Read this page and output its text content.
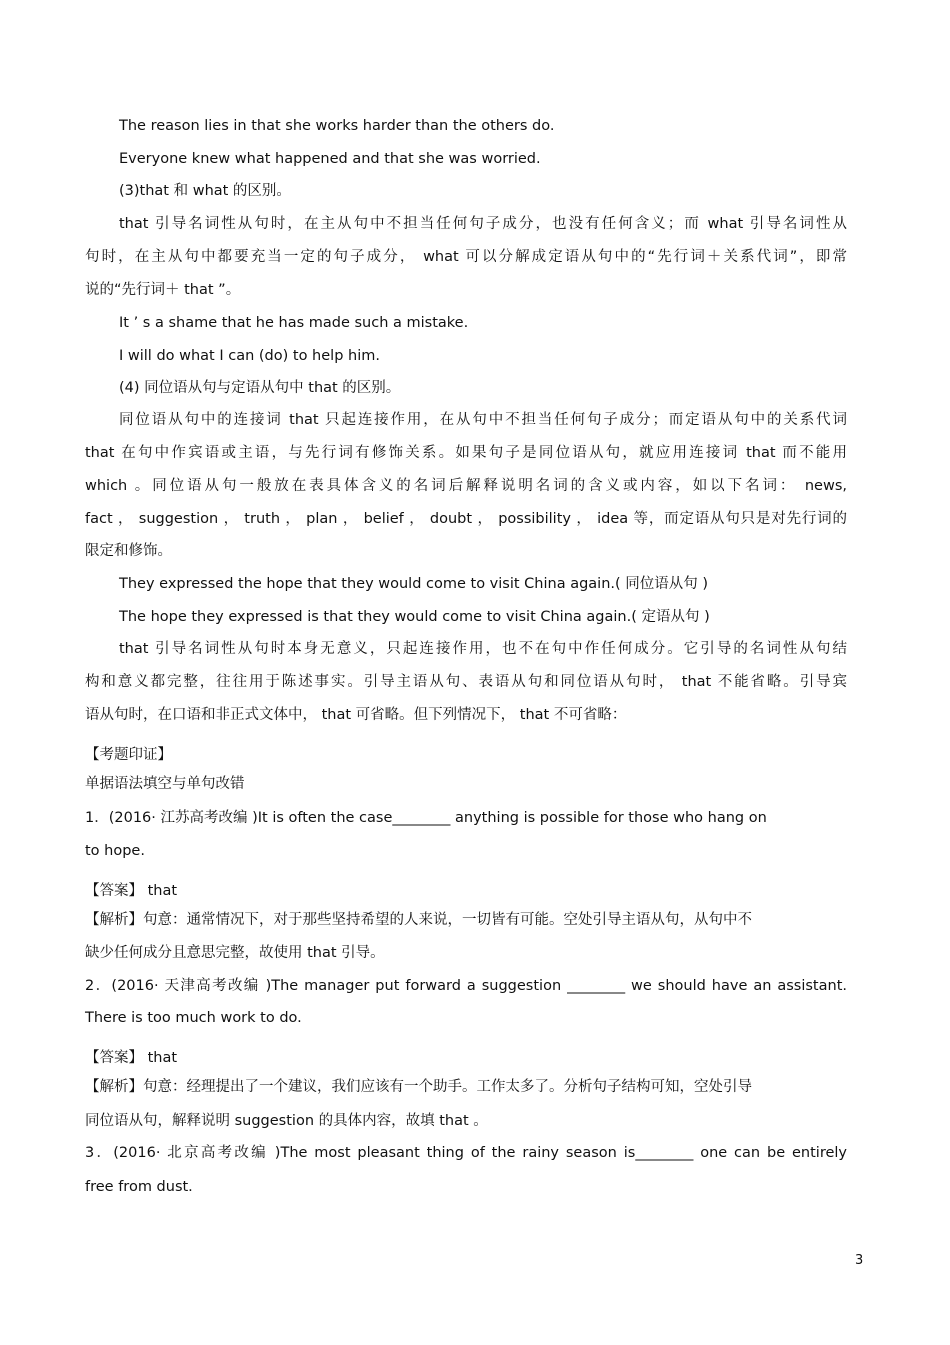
The reason lies in that she works harder than the others do.
Everyone knew what happened and that she was worried.
(3)that 和 what 的区别。
that 引导名词性从句时，在主从句中不担当任何句子成分，也没有任何含义；而 what 引导名词性从
句时，在主从句中都要充当一定的句子成分， what 可以分解成定语从句中的“先行词＋关系代词”，即常
说的“先行词＋ that ”。
It ’ s a shame that he has made such a mistake.
I will do what I can (do) to help him.
(4) 同位语从句与定语从句中 that 的区别。
同位语从句中的连接词 that 只起连接作用，在从句中不担当任何句子成分；而定语从句中的关系代词
that 在句中作宾语或主语，与先行词有修饰关系。如果句子是同位语从句，就应用连接词 that 而不能用
which 。同位语从句一般放在表具体含义的名词后解释说明名词的含义或内容，如以下名词： news,
fact ， suggestion ， truth ， plan ， belief ， doubt ， possibility ， idea 等，而定语从句只是对先行词的
限定和修饰。
They expressed the hope that they would come to visit China again.( 同位语从句 )
The hope they expressed is that they would come to visit China again.( 定语从句 )
that 引导名词性从句时本身无意义，只起连接作用，也不在句中作任何成分。它引导的名词性从句结
构和意义都完整，往往用于陈述事实。引导主语从句、表语从句和同位语从句时， that 不能省略。引导宾
语从句时，在口语和非正式文体中， that 可省略。但下列情况下， that 不可省略：
【考题印证】
单据语法填空与单句改错
1．(2016· 江苏高考改编 )It is often the case________ anything is possible for those who hang on
to hope.
【答案】 that
【解析】句意：通常情况下，对于那些坚持希望的人来说，一切皆有可能。空处引导主语从句，从句中不
缺少任何成分且意思完整，故使用 that 引导。
2．(2016· 天津高考改编 )The manager put forward a suggestion ________ we should have an assistant.
There is too much work to do.
【答案】 that
【解析】句意：经理提出了一个建议，我们应该有一个助手。工作太多了。分析句子结构可知，空处引导
同位语从句，解释说明 suggestion 的具体内容，故填 that 。
3．(2016· 北京高考改编 )The most pleasant thing of the rainy season is________ one can be entirely
free from dust.
3
